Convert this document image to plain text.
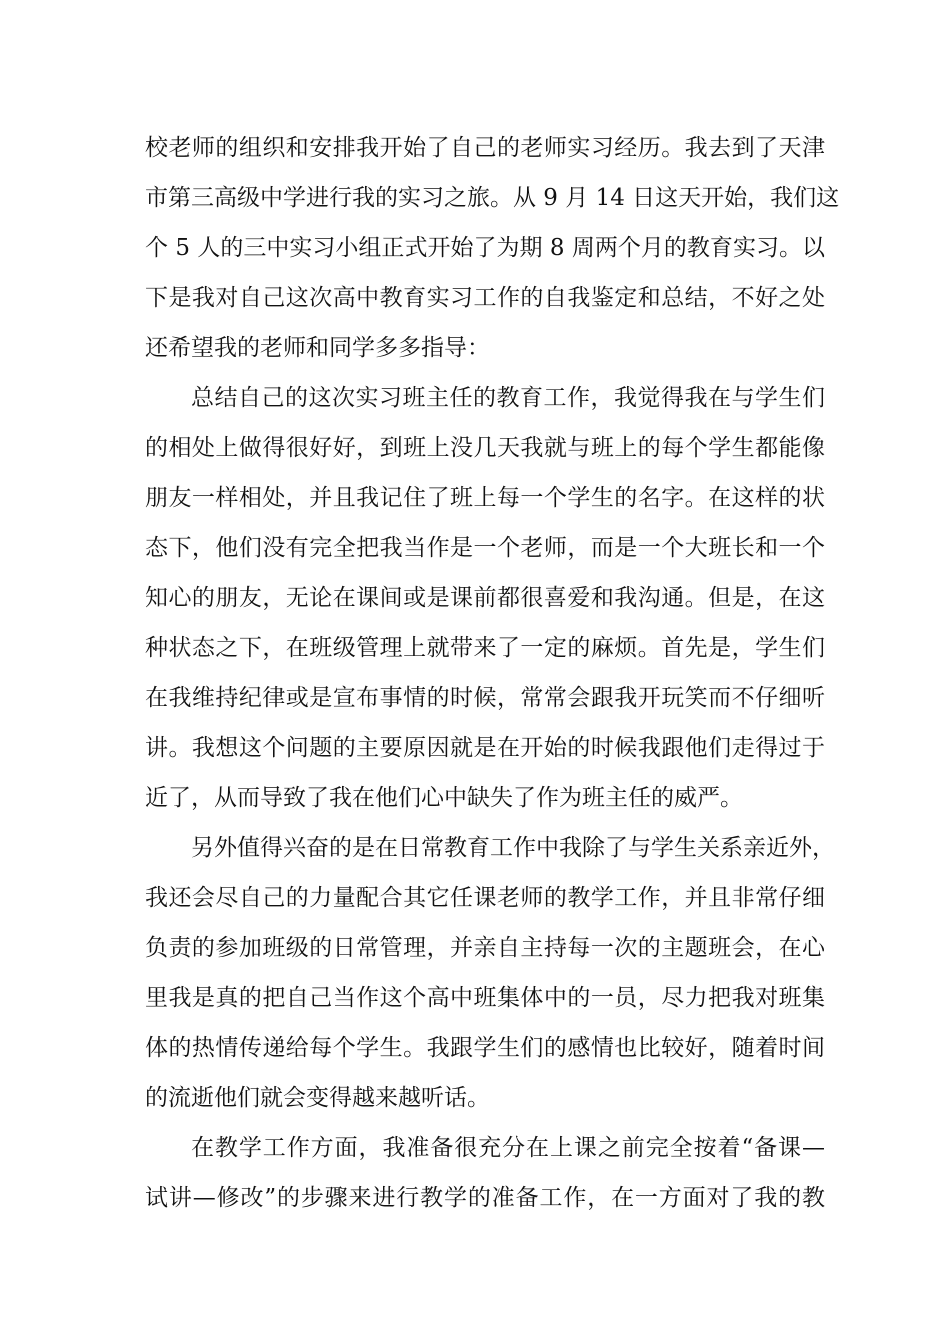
校老师的组织和安排我开始了自己的老师实习经历。我去到了天津
市第三高级中学进行我的实习之旅。从 9 月 14 日这天开始，我们这
个 5 人的三中实习小组正式开始了为期 8 周两个月的教育实习。以
下是我对自己这次高中教育实习工作的自我鉴定和总结，不好之处
还希望我的老师和同学多多指导：
总结自己的这次实习班主任的教育工作，我觉得我在与学生们
的相处上做得很好好，到班上没几天我就与班上的每个学生都能像
朋友一样相处，并且我记住了班上每一个学生的名字。在这样的状
态下，他们没有完全把我当作是一个老师，而是一个大班长和一个
知心的朋友，无论在课间或是课前都很喜爱和我沟通。但是，在这
种状态之下，在班级管理上就带来了一定的麻烦。首先是，学生们
在我维持纪律或是宣布事情的时候，常常会跟我开玩笑而不仔细听
讲。我想这个问题的主要原因就是在开始的时候我跟他们走得过于
近了，从而导致了我在他们心中缺失了作为班主任的威严。
另外值得兴奋的是在日常教育工作中我除了与学生关系亲近外，
我还会尽自己的力量配合其它任课老师的教学工作，并且非常仔细
负责的参加班级的日常管理，并亲自主持每一次的主题班会，在心
里我是真的把自己当作这个高中班集体中的一员，尽力把我对班集
体的热情传递给每个学生。我跟学生们的感情也比较好，随着时间
的流逝他们就会变得越来越听话。
在教学工作方面，我准备很充分在上课之前完全按着“备课—
试讲—修改”的步骤来进行教学的准备工作，在一方面对了我的教
